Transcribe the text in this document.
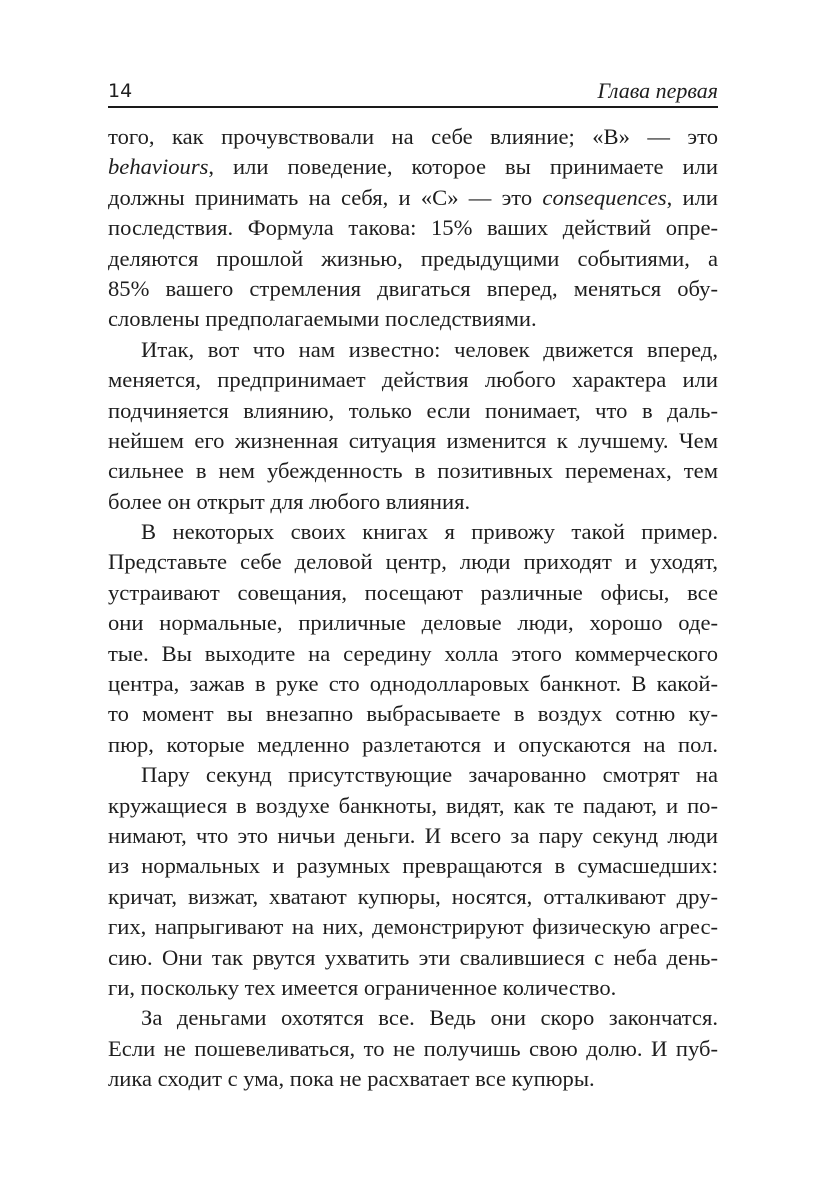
14	Глава первая
того, как прочувствовали на себе влияние; «B» — это
behaviours, или поведение, которое вы принимаете или
должны принимать на себя, и «C» — это consequences, или
последствия. Формула такова: 15% ваших действий опре-
деляются прошлой жизнью, предыдущими событиями, а
85% вашего стремления двигаться вперед, меняться обу-
словлены предполагаемыми последствиями.
Итак, вот что нам известно: человек движется вперед,
меняется, предпринимает действия любого характера или
подчиняется влиянию, только если понимает, что в даль-
нейшем его жизненная ситуация изменится к лучшему. Чем
сильнее в нем убежденность в позитивных переменах, тем
более он открыт для любого влияния.
В некоторых своих книгах я привожу такой пример.
Представьте себе деловой центр, люди приходят и уходят,
устраивают совещания, посещают различные офисы, все
они нормальные, приличные деловые люди, хорошо оде-
тые. Вы выходите на середину холла этого коммерческого
центра, зажав в руке сто однодолларовых банкнот. В какой-
то момент вы внезапно выбрасываете в воздух сотню ку-
пюр, которые медленно разлетаются и опускаются на пол.
Пару секунд присутствующие зачарованно смотрят на
кружащиеся в воздухе банкноты, видят, как те падают, и по-
нимают, что это ничьи деньги. И всего за пару секунд люди
из нормальных и разумных превращаются в сумасшедших:
кричат, визжат, хватают купюры, носятся, отталкивают дру-
гих, напрыгивают на них, демонстрируют физическую агрес-
сию. Они так рвутся ухватить эти свалившиеся с неба день-
ги, поскольку тех имеется ограниченное количество.
За деньгами охотятся все. Ведь они скоро закончатся.
Если не пошевеливаться, то не получишь свою долю. И пуб-
лика сходит с ума, пока не расхватает все купюры.
